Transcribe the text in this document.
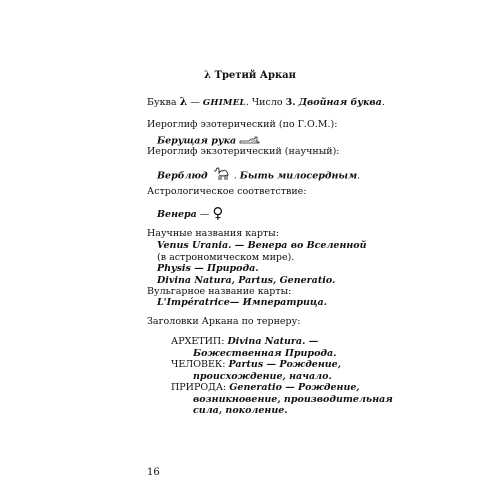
λ Третий Аркан
Буква λ — GHIMEL. Число 3. Двойная буква.
Иероглиф эзотерический (по Г.О.М.):
Берущая рука
Иероглиф экзотерический (научный):
Верблюд	. Быть милосердным.
Астрологическое соответствие:
Венера — ♀
Научные названия карты:
Venus Urania. — Венера во Вселенной
(в астрономическом мире).
Physis — Природа.
Divina Natura, Partus, Generatio.
Вульгарное название карты:
L'Impératrice— Императрица.
Заголовки Аркана по тернеру:
АРХЕТИП: Divina Natura. —
Божественная Природа.
ЧЕЛОВЕК: Partus — Рождение,
происхождение, начало.
ПРИРОДА: Generatio — Рождение,
возникновение, производительная
сила, поколение.
16
